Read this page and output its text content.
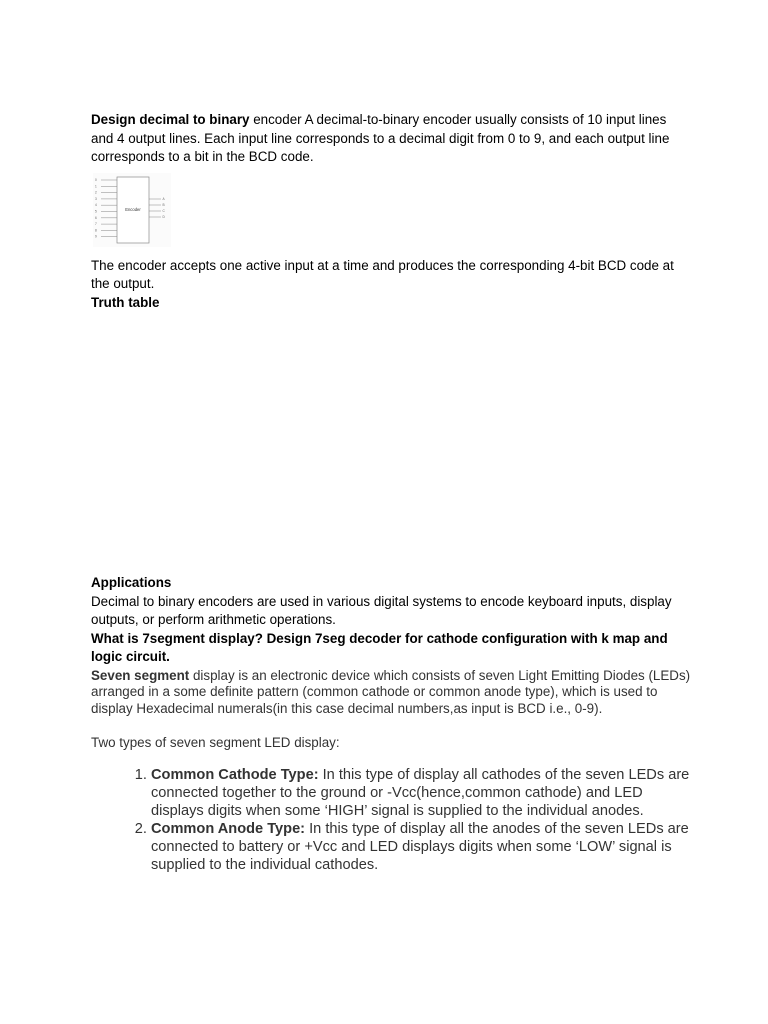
Design decimal to binary encoder A decimal-to-binary encoder usually consists of 10 input lines and 4 output lines. Each input line corresponds to a decimal digit from 0 to 9, and each output line corresponds to a bit in the BCD code.

Encoder
0
1
2
3
4
5
6
7
8
9
A
B
C
D

The encoder accepts one active input at a time and produces the corresponding 4-bit BCD code at the output.

Truth table

Applications

Decimal to binary encoders are used in various digital systems to encode keyboard inputs, display outputs, or perform arithmetic operations.

What is 7segment display? Design 7seg decoder for cathode configuration with k map and logic circuit.

Seven segment display is an electronic device which consists of seven Light Emitting Diodes (LEDs) arranged in a some definite pattern (common cathode or common anode type), which is used to display Hexadecimal numerals(in this case decimal numbers,as input is BCD i.e., 0-9).

Two types of seven segment LED display:

1. Common Cathode Type: In this type of display all cathodes of the seven LEDs are connected together to the ground or -Vcc(hence,common cathode) and LED displays digits when some ‘HIGH’ signal is supplied to the individual anodes.
2. Common Anode Type: In this type of display all the anodes of the seven LEDs are connected to battery or +Vcc and LED displays digits when some ‘LOW’ signal is supplied to the individual cathodes.
